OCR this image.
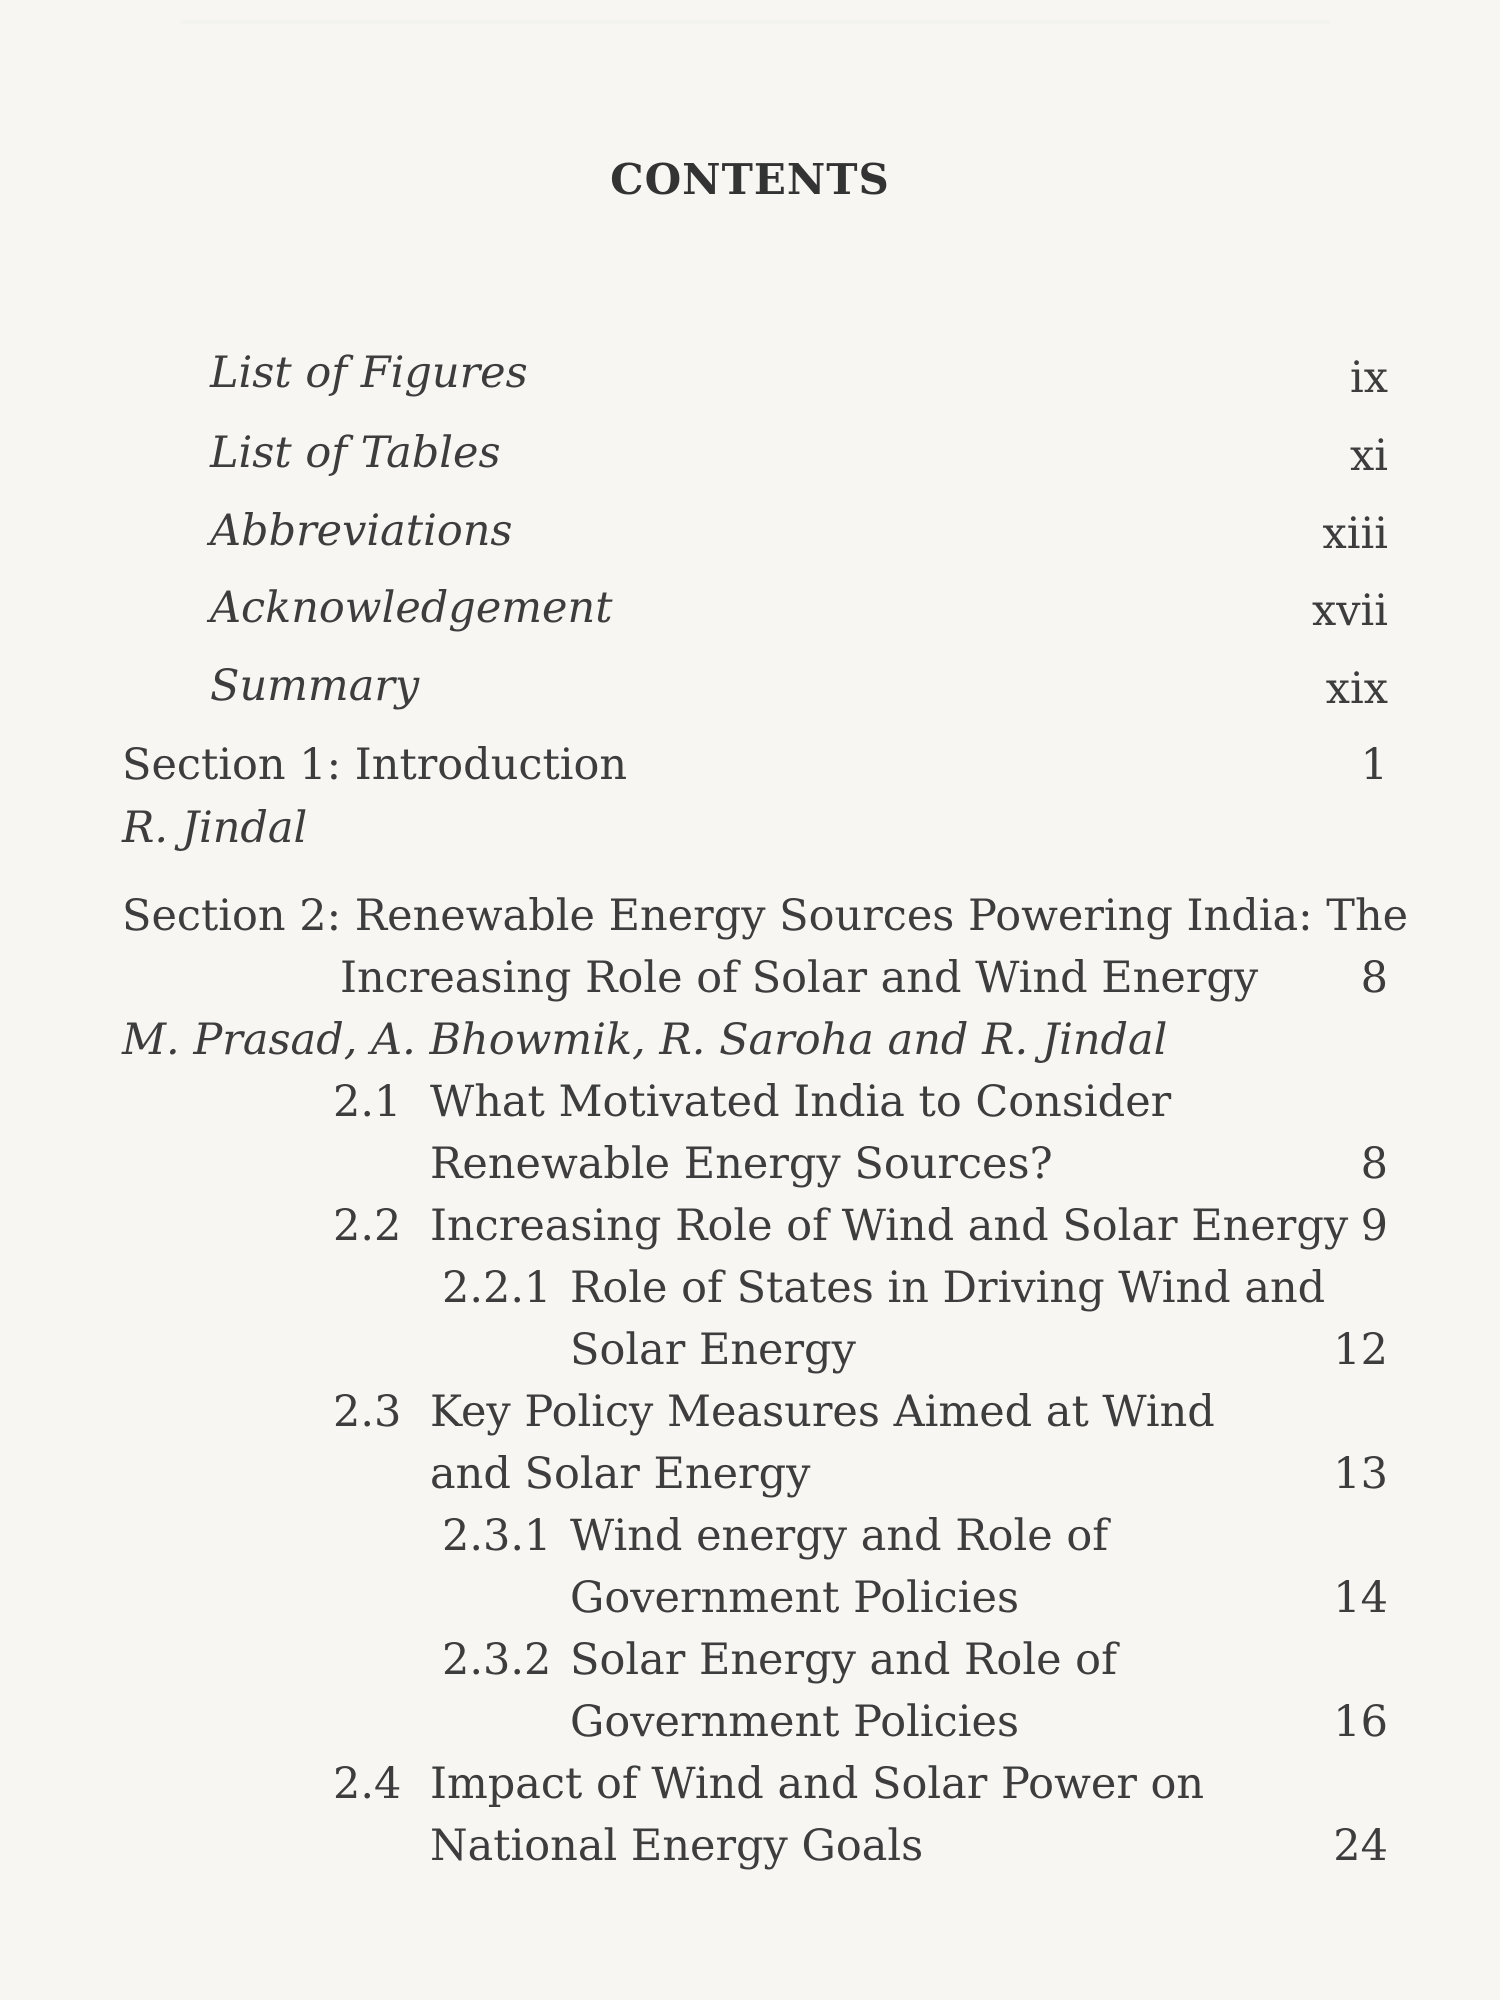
CONTENTS
List of Figures	ix
List of Tables	xi
Abbreviations	xiii
Acknowledgement	xvii
Summary	xix
Section 1: Introduction	1
R. Jindal
Section 2: Renewable Energy Sources Powering India: The
Increasing Role of Solar and Wind Energy 8
M. Prasad, A. Bhowmik, R. Saroha and R. Jindal
2.1 What Motivated India to Consider
Renewable Energy Sources?	8
2.2 Increasing Role of Wind and Solar Energy 9
2.2.1 Role of States in Driving Wind and
Solar Energy	12
2.3 Key Policy Measures Aimed at Wind
and Solar Energy	13
2.3.1 Wind energy and Role of
Government Policies	14
2.3.2 Solar Energy and Role of
Government Policies	16
2.4 Impact of Wind and Solar Power on
National Energy Goals	24
